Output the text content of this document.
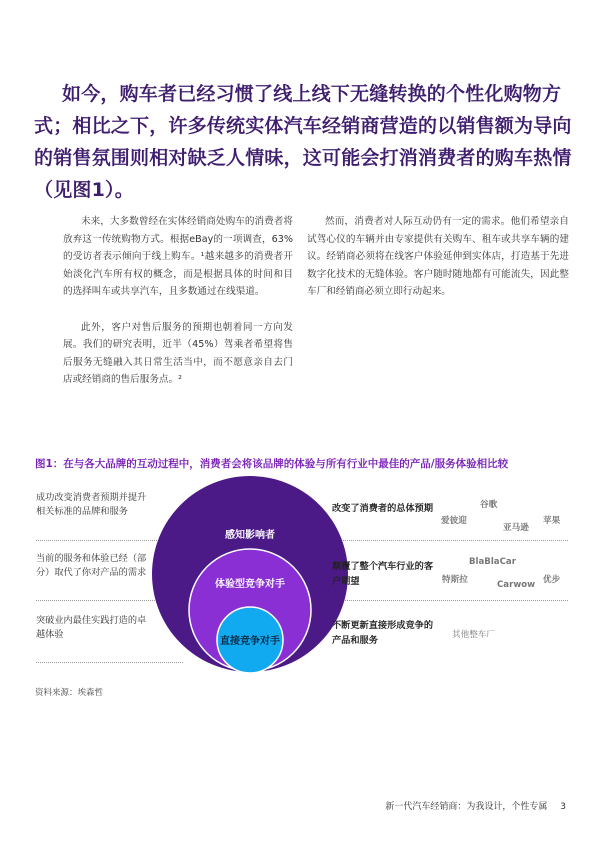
如今，购车者已经习惯了线上线下无缝转换的个性化购物方式；相比之下，许多传统实体汽车经销商营造的以销售额为导向的销售氛围则相对缺乏人情味，这可能会打消消费者的购车热情（见图1）。

未来，大多数曾经在实体经销商处购车的消费者将放弃这一传统购物方式。根据eBay的一项调查，63%的受访者表示倾向于线上购车。¹越来越多的消费者开始淡化汽车所有权的概念，而是根据具体的时间和目的选择叫车或共享汽车，且多数通过在线渠道。

此外，客户对售后服务的预期也朝着同一方向发展。我们的研究表明，近半（45%）驾乘者希望将售后服务无缝融入其日常生活当中，而不愿意亲自去门店或经销商的售后服务点。²

然而，消费者对人际互动仍有一定的需求。他们希望亲自试驾心仪的车辆并由专家提供有关购车、租车或共享车辆的建议。经销商必须将在线客户体验延伸到实体店，打造基于先进数字化技术的无缝体验。客户随时随地都有可能流失，因此整车厂和经销商必须立即行动起来。

图1：在与各大品牌的互动过程中，消费者会将该品牌的体验与所有行业中最佳的产品/服务体验相比较
成功改变消费者预期并提升相关标准的品牌和服务
当前的服务和体验已经（部分）取代了你对产品的需求
突破业内最佳实践打造的卓越体验
感知影响者
体验型竞争对手
直接竞争对手
改变了消费者的总体预期
颠覆了整个汽车行业的客户期望
不断更新直接形成竞争的产品和服务
谷歌
爱彼迎	苹果
亚马逊
BlaBlaCar
特斯拉	优步
Carwow
其他整车厂
资料来源：埃森哲
新一代汽车经销商：为我设计，个性专属 3
